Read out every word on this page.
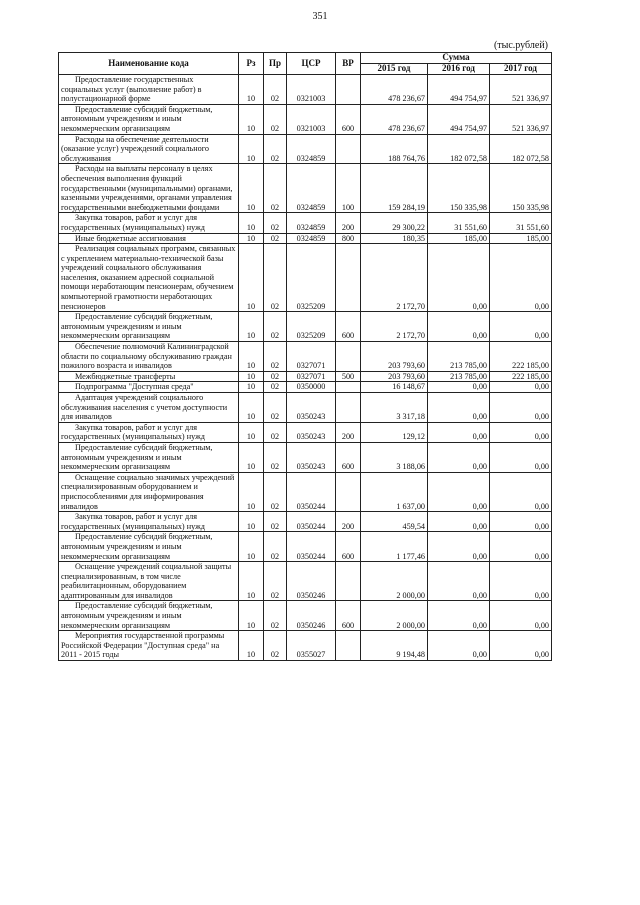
351
(тыс.рублей)
Наименование кода	Рз	Пр	ЦСР	ВР	Сумма		
					2015 год	2016 год	2017 год
Предоставление государственных социальных услуг (выполнение работ) в полустационарной форме	10	02	0321003		478 236,67	494 754,97	521 336,97
Предоставление субсидий бюджетным, автономным учреждениям и иным некоммерческим организациям	10	02	0321003	600	478 236,67	494 754,97	521 336,97
Расходы на обеспечение деятельности (оказание услуг) учреждений социального обслуживания	10	02	0324859		188 764,76	182 072,58	182 072,58
Расходы на выплаты персоналу в целях обеспечения выполнения функций государственными (муниципальными) органами, казенными учреждениями, органами управления государственными внебюджетными фондами	10	02	0324859	100	159 284,19	150 335,98	150 335,98
Закупка товаров, работ и услуг для государственных (муниципальных) нужд	10	02	0324859	200	29 300,22	31 551,60	31 551,60
Иные бюджетные ассигнования	10	02	0324859	800	180,35	185,00	185,00
Реализация социальных программ, связанных с укреплением материально-технической базы учреждений социального обслуживания населения, оказанием адресной социальной помощи неработающим пенсионерам, обучением компьютерной грамотности неработающих пенсионеров	10	02	0325209		2 172,70	0,00	0,00
Предоставление субсидий бюджетным, автономным учреждениям и иным некоммерческим организациям	10	02	0325209	600	2 172,70	0,00	0,00
Обеспечение полномочий Калининградской области по социальному обслуживанию граждан пожилого возраста и инвалидов	10	02	0327071		203 793,60	213 785,00	222 185,00
Межбюджетные трансферты	10	02	0327071	500	203 793,60	213 785,00	222 185,00
Подпрограмма "Доступная среда"	10	02	0350000		16 148,67	0,00	0,00
Адаптация учреждений социального обслуживания населения с учетом доступности для инвалидов	10	02	0350243		3 317,18	0,00	0,00
Закупка товаров, работ и услуг для государственных (муниципальных) нужд	10	02	0350243	200	129,12	0,00	0,00
Предоставление субсидий бюджетным, автономным учреждениям и иным некоммерческим организациям	10	02	0350243	600	3 188,06	0,00	0,00
Оснащение социально значимых учреждений специализированным оборудованием и приспособлениями для информирования инвалидов	10	02	0350244		1 637,00	0,00	0,00
Закупка товаров, работ и услуг для государственных (муниципальных) нужд	10	02	0350244	200	459,54	0,00	0,00
Предоставление субсидий бюджетным, автономным учреждениям и иным некоммерческим организациям	10	02	0350244	600	1 177,46	0,00	0,00
Оснащение учреждений социальной защиты специализированным, в том числе реабилитационным, оборудованием адаптированным для инвалидов	10	02	0350246		2 000,00	0,00	0,00
Предоставление субсидий бюджетным, автономным учреждениям и иным некоммерческим организациям	10	02	0350246	600	2 000,00	0,00	0,00
Мероприятия государственной программы Российской Федерации "Доступная среда" на 2011 - 2015 годы	10	02	0355027		9 194,48	0,00	0,00
